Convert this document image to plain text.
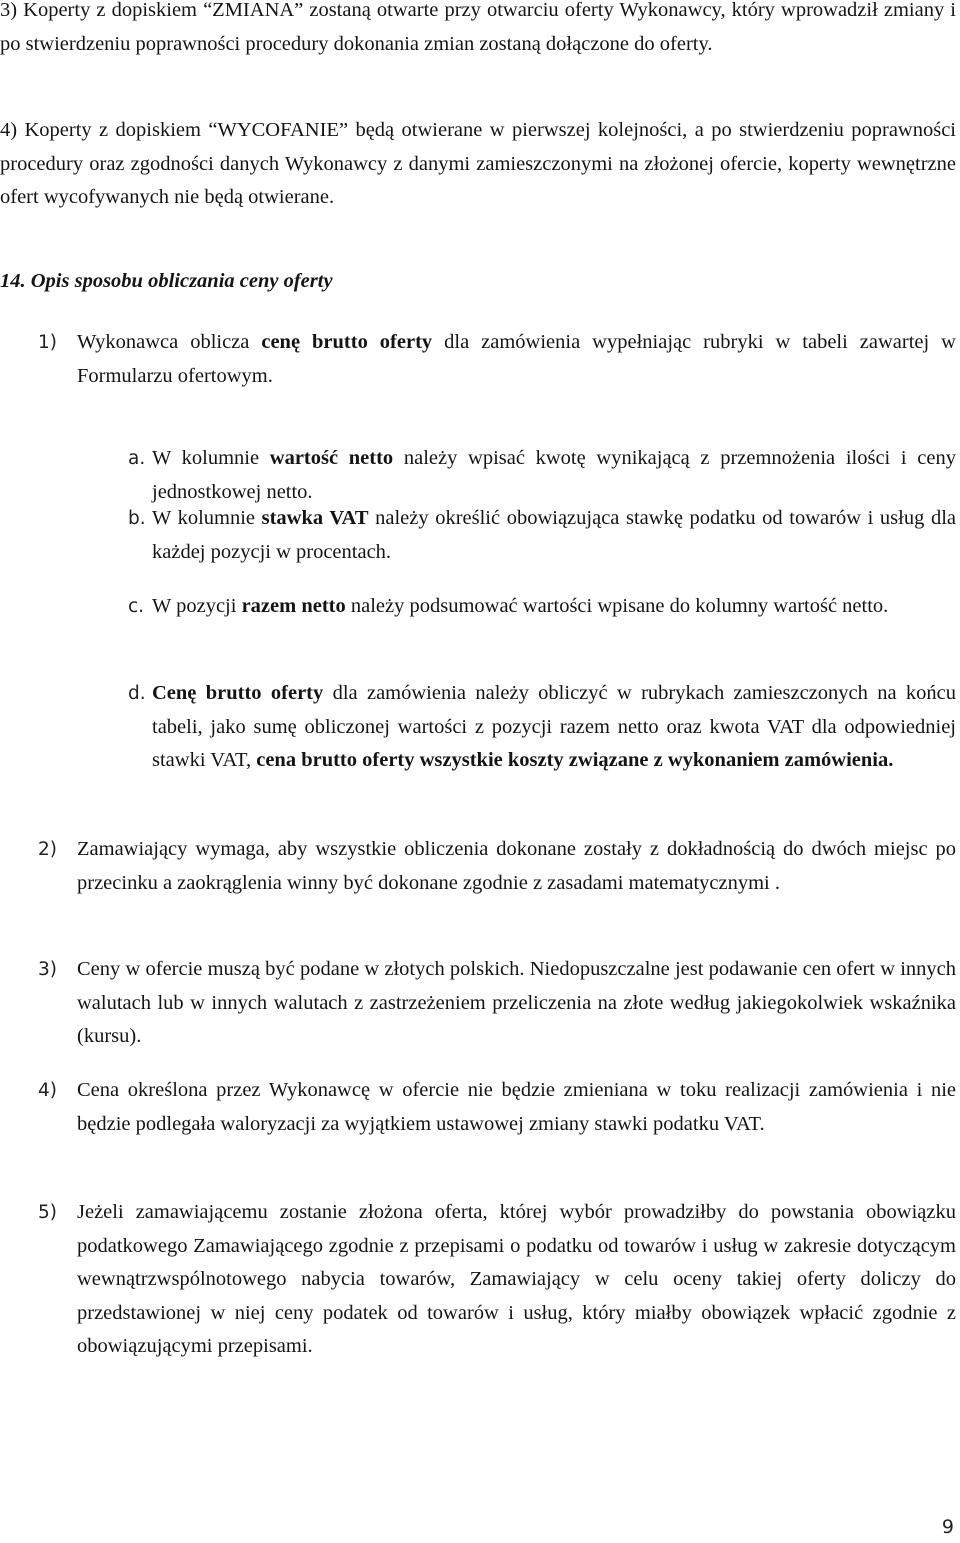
3) Koperty z dopiskiem “ZMIANA” zostaną otwarte przy otwarciu oferty Wykonawcy, który wprowadził zmiany i po stwierdzeniu poprawności procedury dokonania zmian zostaną dołączone do oferty.

4) Koperty z dopiskiem “WYCOFANIE” będą otwierane w pierwszej kolejności, a po stwierdzeniu poprawności procedury oraz zgodności danych Wykonawcy z danymi zamieszczonymi na złożonej ofercie, koperty wewnętrzne ofert wycofywanych nie będą otwierane.

14. Opis sposobu obliczania ceny oferty

1) Wykonawca oblicza cenę brutto oferty dla zamówienia wypełniając rubryki w tabeli zawartej w Formularzu ofertowym.
a. W kolumnie wartość netto należy wpisać kwotę wynikającą z przemnożenia ilości i ceny jednostkowej netto.
b. W kolumnie stawka VAT należy określić obowiązująca stawkę podatku od towarów i usług dla każdej pozycji w procentach.
c. W pozycji razem netto należy podsumować wartości wpisane do kolumny wartość netto.
d. Cenę brutto oferty dla zamówienia należy obliczyć w rubrykach zamieszczonych na końcu tabeli, jako sumę obliczonej wartości z pozycji razem netto oraz kwota VAT dla odpowiedniej stawki VAT, cena brutto oferty wszystkie koszty związane z wykonaniem zamówienia.
2) Zamawiający wymaga, aby wszystkie obliczenia dokonane zostały z dokładnością do dwóch miejsc po przecinku a zaokrąglenia winny być dokonane zgodnie z zasadami matematycznymi .
3) Ceny w ofercie muszą być podane w złotych polskich. Niedopuszczalne jest podawanie cen ofert w innych walutach lub w innych walutach z zastrzeżeniem przeliczenia na złote według jakiegokolwiek wskaźnika (kursu).
4) Cena określona przez Wykonawcę w ofercie nie będzie zmieniana w toku realizacji zamówienia i nie będzie podlegała waloryzacji za wyjątkiem ustawowej zmiany stawki podatku VAT.
5) Jeżeli zamawiającemu zostanie złożona oferta, której wybór prowadziłby do powstania obowiązku podatkowego Zamawiającego zgodnie z przepisami o podatku od towarów i usług w zakresie dotyczącym wewnątrzwspólnotowego nabycia towarów, Zamawiający w celu oceny takiej oferty doliczy do przedstawionej w niej ceny podatek od towarów i usług, który miałby obowiązek wpłacić zgodnie z obowiązującymi przepisami.
9
